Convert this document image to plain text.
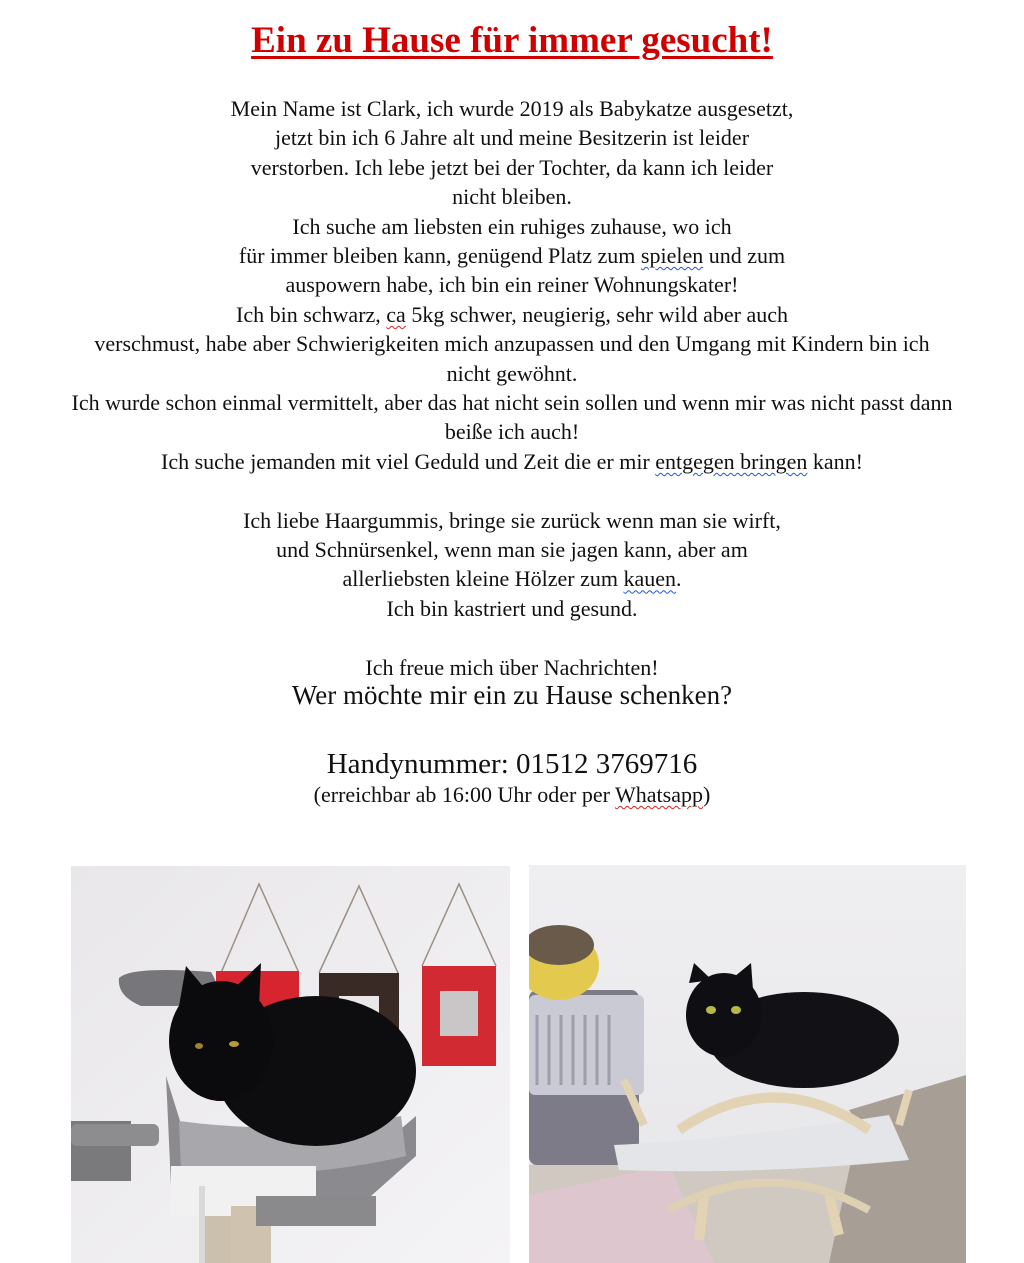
Ein zu Hause für immer gesucht!
Mein Name ist Clark, ich wurde 2019 als Babykatze ausgesetzt,
jetzt bin ich 6 Jahre alt und meine Besitzerin ist leider
verstorben. Ich lebe jetzt bei der Tochter, da kann ich leider
nicht bleiben.
Ich suche am liebsten ein ruhiges zuhause, wo ich
für immer bleiben kann, genügend Platz zum spielen und zum
auspowern habe, ich bin ein reiner Wohnungskater!
Ich bin schwarz, ca 5kg schwer, neugierig, sehr wild aber auch
verschmust, habe aber Schwierigkeiten mich anzupassen und den Umgang mit Kindern bin ich
nicht gewöhnt.
Ich wurde schon einmal vermittelt, aber das hat nicht sein sollen und wenn mir was nicht passt dann
beiße ich auch!
Ich suche jemanden mit viel Geduld und Zeit die er mir entgegen bringen kann!
Ich liebe Haargummis, bringe sie zurück wenn man sie wirft,
und Schnürsenkel, wenn man sie jagen kann, aber am
allerliebsten kleine Hölzer zum kauen.
Ich bin kastriert und gesund.
Ich freue mich über Nachrichten!
Wer möchte mir ein zu Hause schenken?
Handynummer: 01512 3769716
(erreichbar ab 16:00 Uhr oder per Whatsapp)
